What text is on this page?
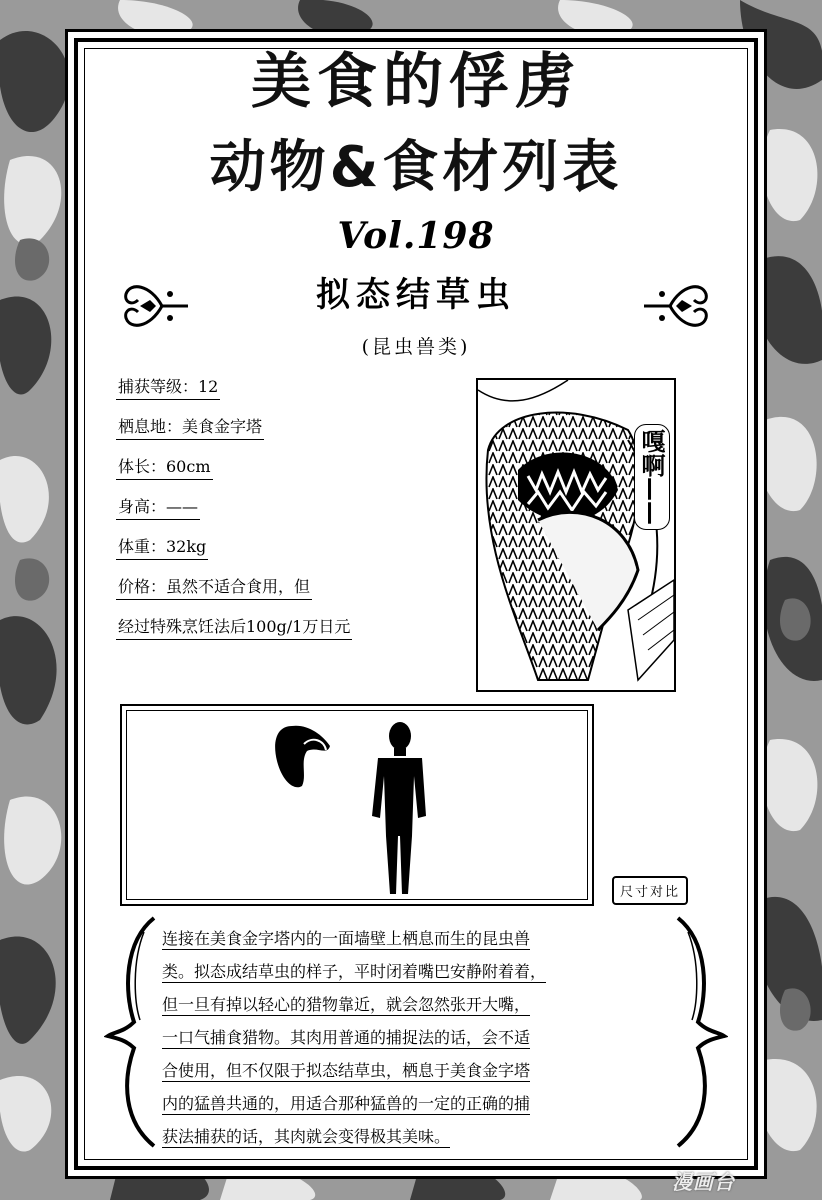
美食的俘虏
动物&食材列表
Vol.198
拟态结草虫
(昆虫兽类)
捕获等级：12
栖息地：美食金字塔
体长：60cm
身高：——
体重：32kg
价格：虽然不适合食用，但
经过特殊烹饪法后100g/1万日元
嘎啊——
尺寸对比
连接在美食金字塔内的一面墙壁上栖息而生的昆虫兽
类。拟态成结草虫的样子，平时闭着嘴巴安静附着着，
但一旦有掉以轻心的猎物靠近，就会忽然张开大嘴，
一口气捕食猎物。其肉用普通的捕捉法的话，会不适
合使用，但不仅限于拟态结草虫，栖息于美食金字塔
内的猛兽共通的，用适合那种猛兽的一定的正确的捕
获法捕获的话，其肉就会变得极其美味。
漫画台
